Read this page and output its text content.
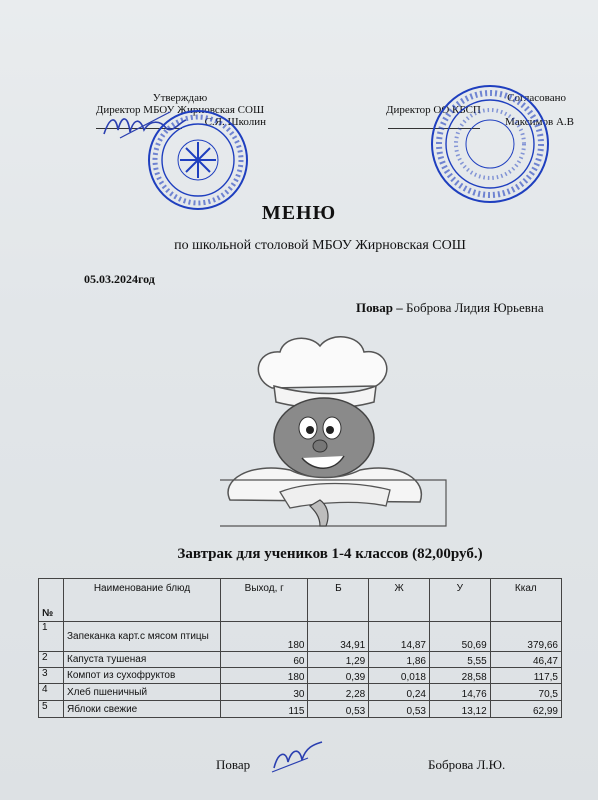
Утверждаю
Директор МБОУ Жирновская СОШ
С.Я. Школин
Согласовано
Директор ОО КБСП
Максимов А.В
МЕНЮ
по школьной столовой МБОУ Жирновская СОШ
05.03.2024год
Повар – Боброва Лидия Юрьевна
Завтрак для учеников 1-4 классов (82,00руб.)
№	Наименование блюд	Выход, г	Б	Ж	У	Ккал
1	Запеканка карт.с мясом птицы	180	34,91	14,87	50,69	379,66
2	Капуста тушеная	60	1,29	1,86	5,55	46,47
3	Компот из сухофруктов	180	0,39	0,018	28,58	117,5
4	Хлеб пшеничный	30	2,28	0,24	14,76	70,5
5	Яблоки свежие	115	0,53	0,53	13,12	62,99
Повар	Боброва Л.Ю.
